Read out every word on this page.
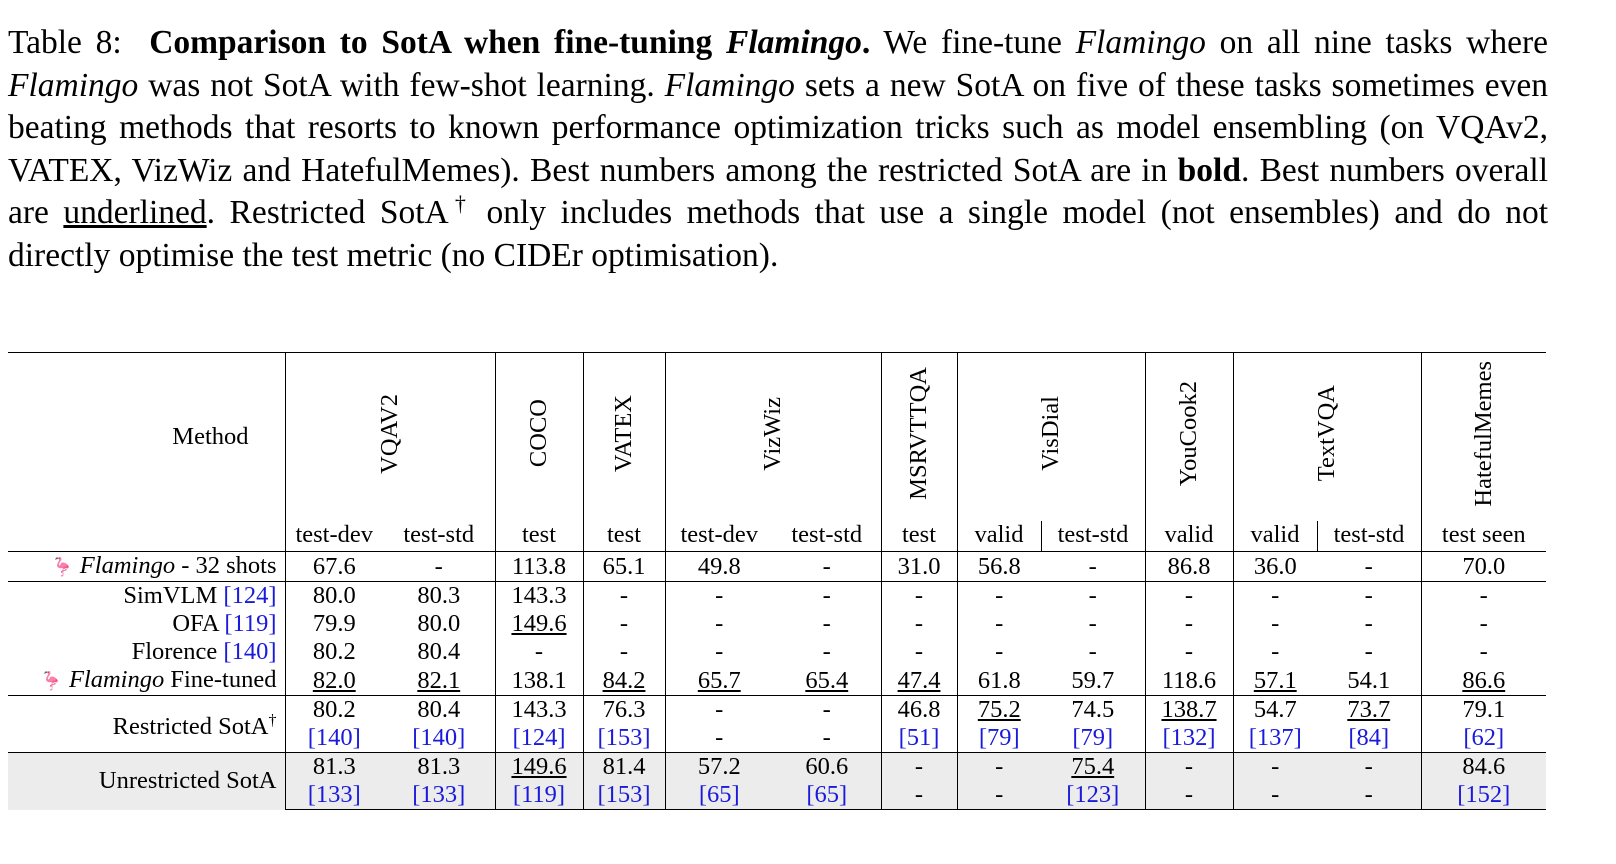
Table 8: Comparison to SotA when fine-tuning Flamingo. We fine-tune Flamingo on all nine tasks where Flamingo was not SotA with few-shot learning. Flamingo sets a new SotA on five of these tasks sometimes even beating methods that resorts to known performance optimization tricks such as model ensembling (on VQAv2, VATEX, VizWiz and HatefulMemes). Best numbers among the restricted SotA are in bold. Best numbers overall are underlined. Restricted SotA† only includes methods that use a single model (not ensembles) and do not directly optimise the test metric (no CIDEr optimisation).
Method	VQAV2		COCO	VATEX	VizWiz		MSRVTTQA	VisDial		YouCook2	TextVQA		HatefulMemes
	test-dev	test-std	test	test	test-dev	test-std	test	valid	test-std	valid	valid	test-std	test seen
🦩 Flamingo - 32 shots	67.6	-	113.8	65.1	49.8	-	31.0	56.8	-	86.8	36.0	-	70.0
SimVLM [124]	80.0	80.3	143.3	-	-	-	-	-	-	-	-	-	-
OFA [119]	79.9	80.0	149.6	-	-	-	-	-	-	-	-	-	-
Florence [140]	80.2	80.4	-	-	-	-	-	-	-	-	-	-	-
🦩 Flamingo Fine-tuned	82.0	82.1	138.1	84.2	65.7	65.4	47.4	61.8	59.7	118.6	57.1	54.1	86.6
Restricted SotA†	80.2	80.4	143.3	76.3	-	-	46.8	75.2	74.5	138.7	54.7	73.7	79.1
	[140]	[140]	[124]	[153]	-	-	[51]	[79]	[79]	[132]	[137]	[84]	[62]
Unrestricted SotA	81.3	81.3	149.6	81.4	57.2	60.6	-	-	75.4	-	-	-	84.6
	[133]	[133]	[119]	[153]	[65]	[65]	-	-	[123]	-	-	-	[152]
